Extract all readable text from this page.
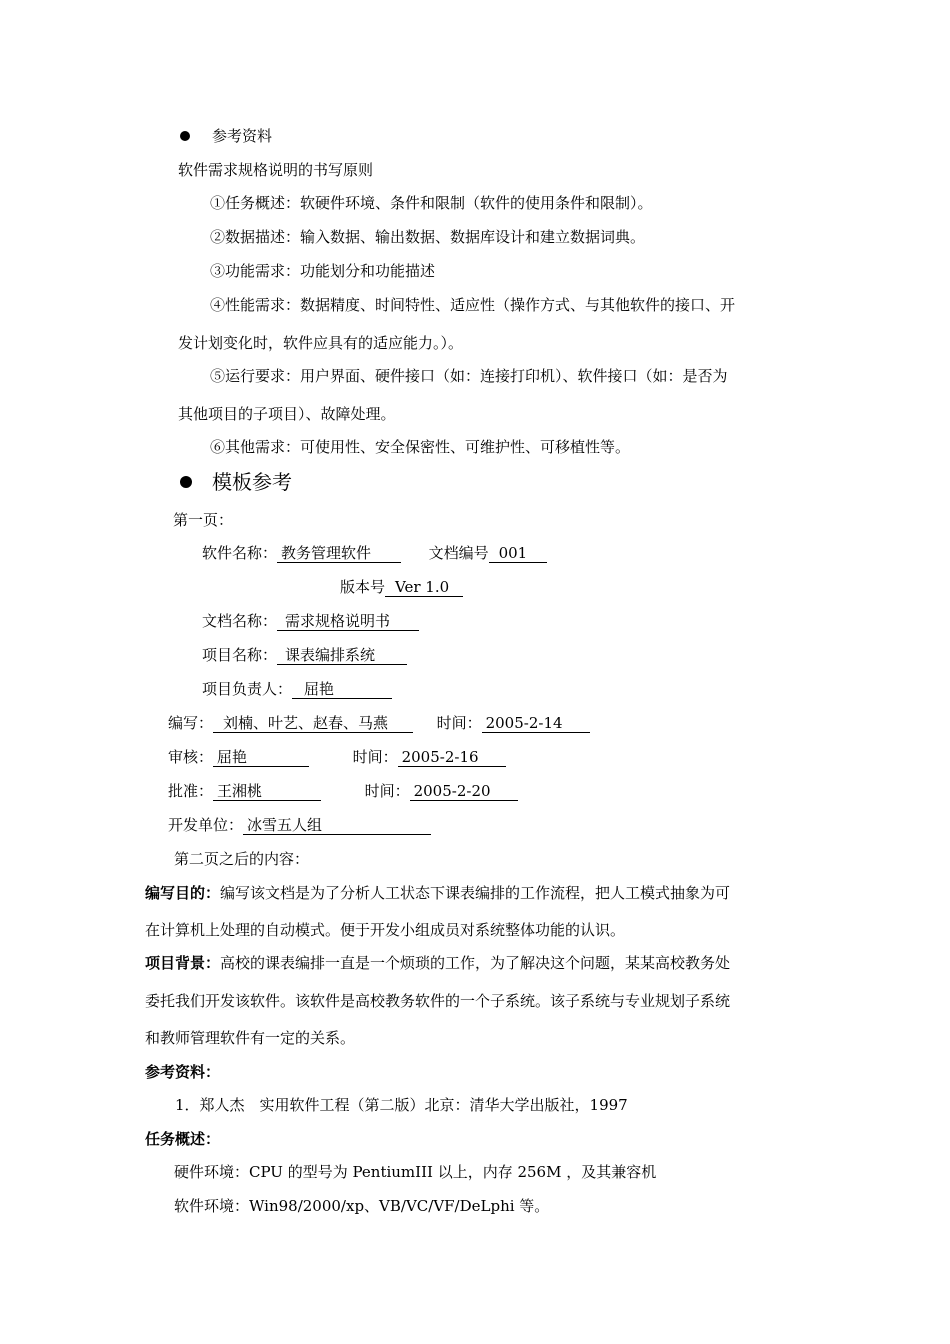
参考资料
软件需求规格说明的书写原则
①任务概述：软硬件环境、条件和限制（软件的使用条件和限制）。
②数据描述：输入数据、输出数据、数据库设计和建立数据词典。
③功能需求：功能划分和功能描述
④性能需求：数据精度、时间特性、适应性（操作方式、与其他软件的接口、开
发计划变化时，软件应具有的适应能力。）。
⑤运行要求：用户界面、硬件接口（如：连接打印机）、软件接口（如：是否为
其他项目的子项目）、故障处理。
⑥其他需求：可使用性、安全保密性、可维护性、可移植性等。
模板参考
第一页：
软件名称： 教务管理软件	文档编号 001
版本号 Ver 1.0
文档名称： 需求规格说明书
项目名称： 课表编排系统
项目负责人： 屈艳
编写： 刘楠、叶艺、赵春、马燕	时间： 2005-2-14
审核： 屈艳	时间： 2005-2-16
批准： 王湘桃	时间： 2005-2-20
开发单位： 冰雪五人组
第二页之后的内容：
编写目的：编写该文档是为了分析人工状态下课表编排的工作流程，把人工模式抽象为可
在计算机上处理的自动模式。便于开发小组成员对系统整体功能的认识。
项目背景：高校的课表编排一直是一个烦琐的工作，为了解决这个问题，某某高校教务处
委托我们开发该软件。该软件是高校教务软件的一个子系统。该子系统与专业规划子系统
和教师管理软件有一定的关系。
参考资料：
1．郑人杰　实用软件工程（第二版）北京：清华大学出版社，1997
任务概述：
硬件环境：CPU 的型号为 PentiumIII 以上，内存 256M ，及其兼容机
软件环境：Win98/2000/xp、VB/VC/VF/DeLphi 等。
